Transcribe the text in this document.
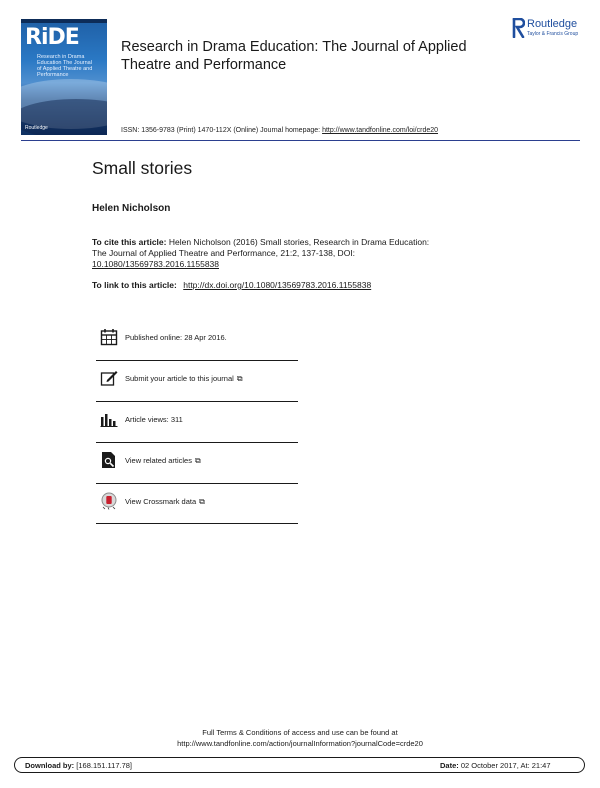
RiDE
Research in Drama Education The Journal of Applied Theatre and Performance
Routledge
Routledge
Taylor & Francis Group
Research in Drama Education: The Journal of Applied Theatre and Performance
ISSN: 1356-9783 (Print) 1470-112X (Online) Journal homepage: http://www.tandfonline.com/loi/crde20
Small stories
Helen Nicholson
To cite this article: Helen Nicholson (2016) Small stories, Research in Drama Education: The Journal of Applied Theatre and Performance, 21:2, 137-138, DOI: 10.1080/13569783.2016.1155838
To link to this article: http://dx.doi.org/10.1080/13569783.2016.1155838
Published online: 28 Apr 2016.
Submit your article to this journal ⧉
Article views: 311
View related articles ⧉
View Crossmark data ⧉
Full Terms & Conditions of access and use can be found at
http://www.tandfonline.com/action/journalInformation?journalCode=crde20
Download by: [168.151.117.78]	Date: 02 October 2017, At: 21:47
